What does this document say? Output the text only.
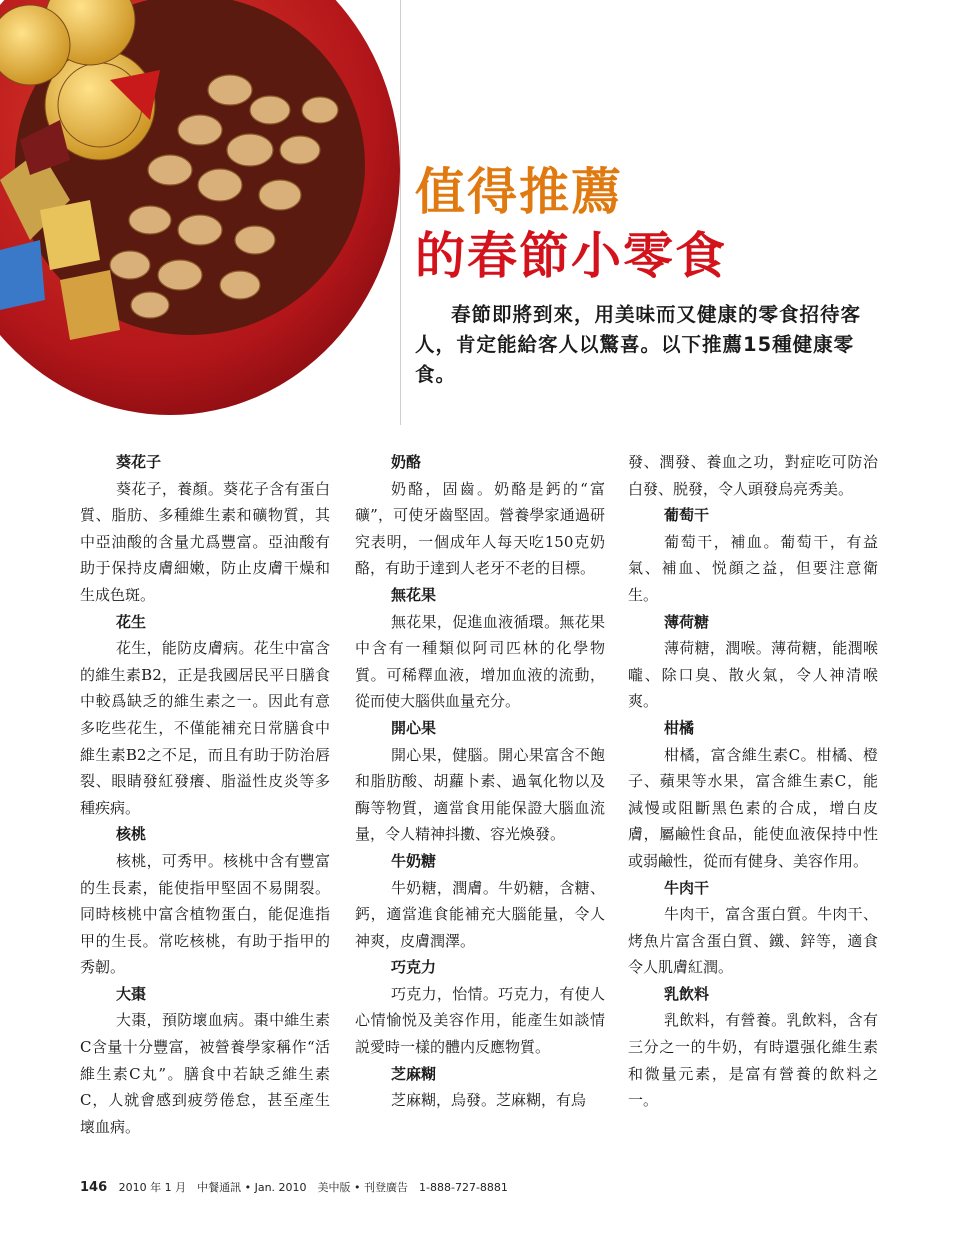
值得推薦
的春節小零食
春節即將到來，用美味而又健康的零食招待客人，肯定能給客人以驚喜。以下推薦15種健康零食。
葵花子

葵花子，養顏。葵花子含有蛋白質、脂肪、多種維生素和礦物質，其中亞油酸的含量尤爲豐富。亞油酸有助于保持皮膚細嫩，防止皮膚干燥和生成色斑。

花生

花生，能防皮膚病。花生中富含的維生素B2，正是我國居民平日膳食中較爲缺乏的維生素之一。因此有意多吃些花生，不僅能補充日常膳食中維生素B2之不足，而且有助于防治唇裂、眼睛發紅發癢、脂溢性皮炎等多種疾病。

核桃

核桃，可秀甲。核桃中含有豐富的生長素，能使指甲堅固不易開裂。同時核桃中富含植物蛋白，能促進指甲的生長。常吃核桃，有助于指甲的秀韌。

大棗

大棗，預防壞血病。棗中維生素C含量十分豐富，被營養學家稱作“活維生素C丸”。膳食中若缺乏維生素C，人就會感到疲勞倦怠，甚至產生壞血病。

奶酪

奶酪，固齒。奶酪是鈣的“富礦”，可使牙齒堅固。營養學家通過研究表明，一個成年人每天吃150克奶酪，有助于達到人老牙不老的目標。

無花果

無花果，促進血液循環。無花果中含有一種類似阿司匹林的化學物質。可稀釋血液，增加血液的流動，從而使大腦供血量充分。

開心果

開心果，健腦。開心果富含不飽和脂肪酸、胡蘿卜素、過氧化物以及酶等物質，適當食用能保證大腦血流量，令人精神抖擻、容光煥發。

牛奶糖

牛奶糖，潤膚。牛奶糖，含糖、鈣，適當進食能補充大腦能量，令人神爽，皮膚潤澤。

巧克力

巧克力，怡情。巧克力，有使人心情愉悦及美容作用，能產生如談情説愛時一樣的體内反應物質。

芝麻糊

芝麻糊，烏發。芝麻糊，有烏

發、潤發、養血之功，對症吃可防治白發、脱發，令人頭發烏亮秀美。

葡萄干

葡萄干，補血。葡萄干，有益氣、補血、悦顔之益，但要注意衛生。

薄荷糖

薄荷糖，潤喉。薄荷糖，能潤喉嚨、除口臭、散火氣，令人神清喉爽。

柑橘

柑橘，富含維生素C。柑橘、橙子、蘋果等水果，富含維生素C，能減慢或阻斷黑色素的合成，增白皮膚，屬鹼性食品，能使血液保持中性或弱鹼性，從而有健身、美容作用。

牛肉干

牛肉干，富含蛋白質。牛肉干、烤魚片富含蛋白質、鐵、鋅等，適食令人肌膚紅潤。

乳飲料

乳飲料，有營養。乳飲料，含有三分之一的牛奶，有時還强化維生素和微量元素，是富有營養的飲料之一。

146 2010 年 1 月　中餐通訊 • Jan. 2010　美中版 • 刊登廣告　1-888-727-8881
